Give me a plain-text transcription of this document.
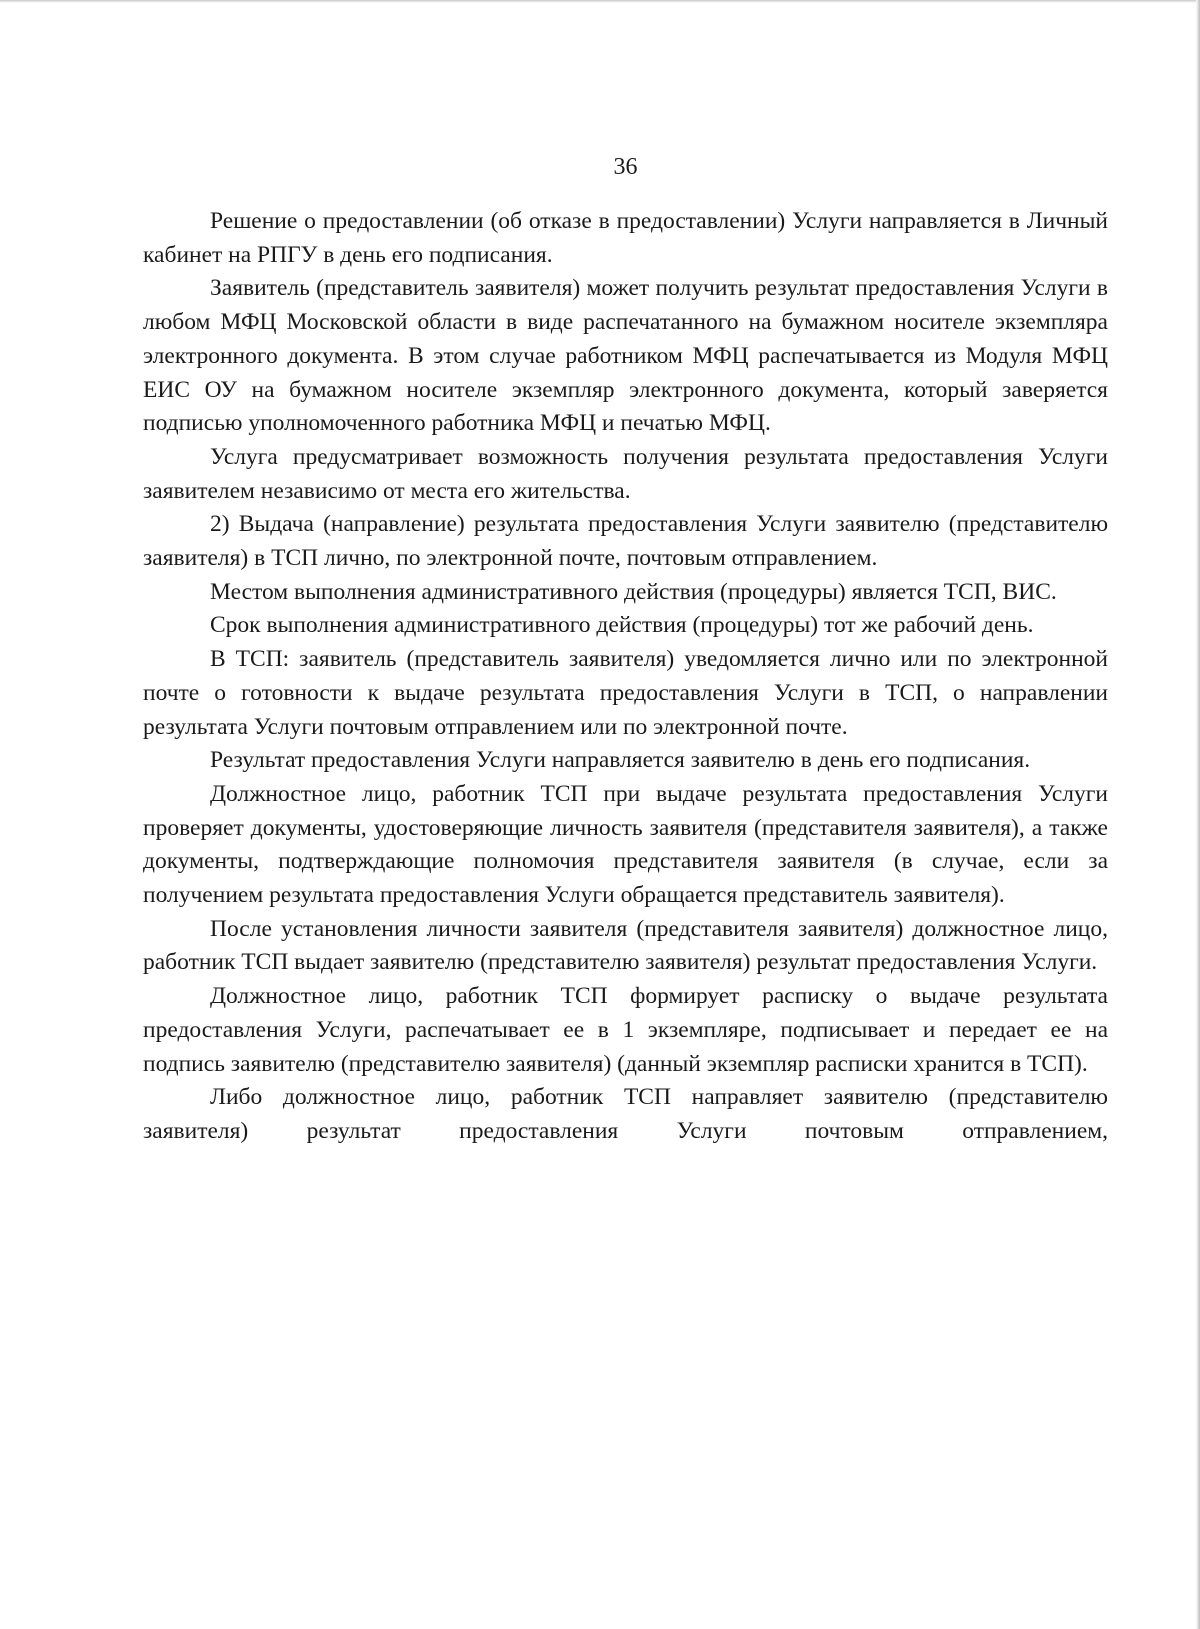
36

Решение о предоставлении (об отказе в предоставлении) Услуги направляется в Личный кабинет на РПГУ в день его подписания.

Заявитель (представитель заявителя) может получить результат предоставления Услуги в любом МФЦ Московской области в виде распечатанного на бумажном носителе экземпляра электронного документа. В этом случае работником МФЦ распечатывается из Модуля МФЦ ЕИС ОУ на бумажном носителе экземпляр электронного документа, который заверяется подписью уполномоченного работника МФЦ и печатью МФЦ.

Услуга предусматривает возможность получения результата предоставления Услуги заявителем независимо от места его жительства.

2) Выдача (направление) результата предоставления Услуги заявителю (представителю заявителя) в ТСП лично, по электронной почте, почтовым отправлением.

Местом выполнения административного действия (процедуры) является ТСП, ВИС.

Срок выполнения административного действия (процедуры) тот же рабочий день.

В ТСП: заявитель (представитель заявителя) уведомляется лично или по электронной почте о готовности к выдаче результата предоставления Услуги в ТСП, о направлении результата Услуги почтовым отправлением или по электронной почте.

Результат предоставления Услуги направляется заявителю в день его подписания.

Должностное лицо, работник ТСП при выдаче результата предоставления Услуги проверяет документы, удостоверяющие личность заявителя (представителя заявителя), а также документы, подтверждающие полномочия представителя заявителя (в случае, если за получением результата предоставления Услуги обращается представитель заявителя).

После установления личности заявителя (представителя заявителя) должностное лицо, работник ТСП выдает заявителю (представителю заявителя) результат предоставления Услуги.

Должностное лицо, работник ТСП формирует расписку о выдаче результата предоставления Услуги, распечатывает ее в 1 экземпляре, подписывает и передает ее на подпись заявителю (представителю заявителя) (данный экземпляр расписки хранится в ТСП).

Либо должностное лицо, работник ТСП направляет заявителю (представителю заявителя) результат предоставления Услуги почтовым отправлением,
